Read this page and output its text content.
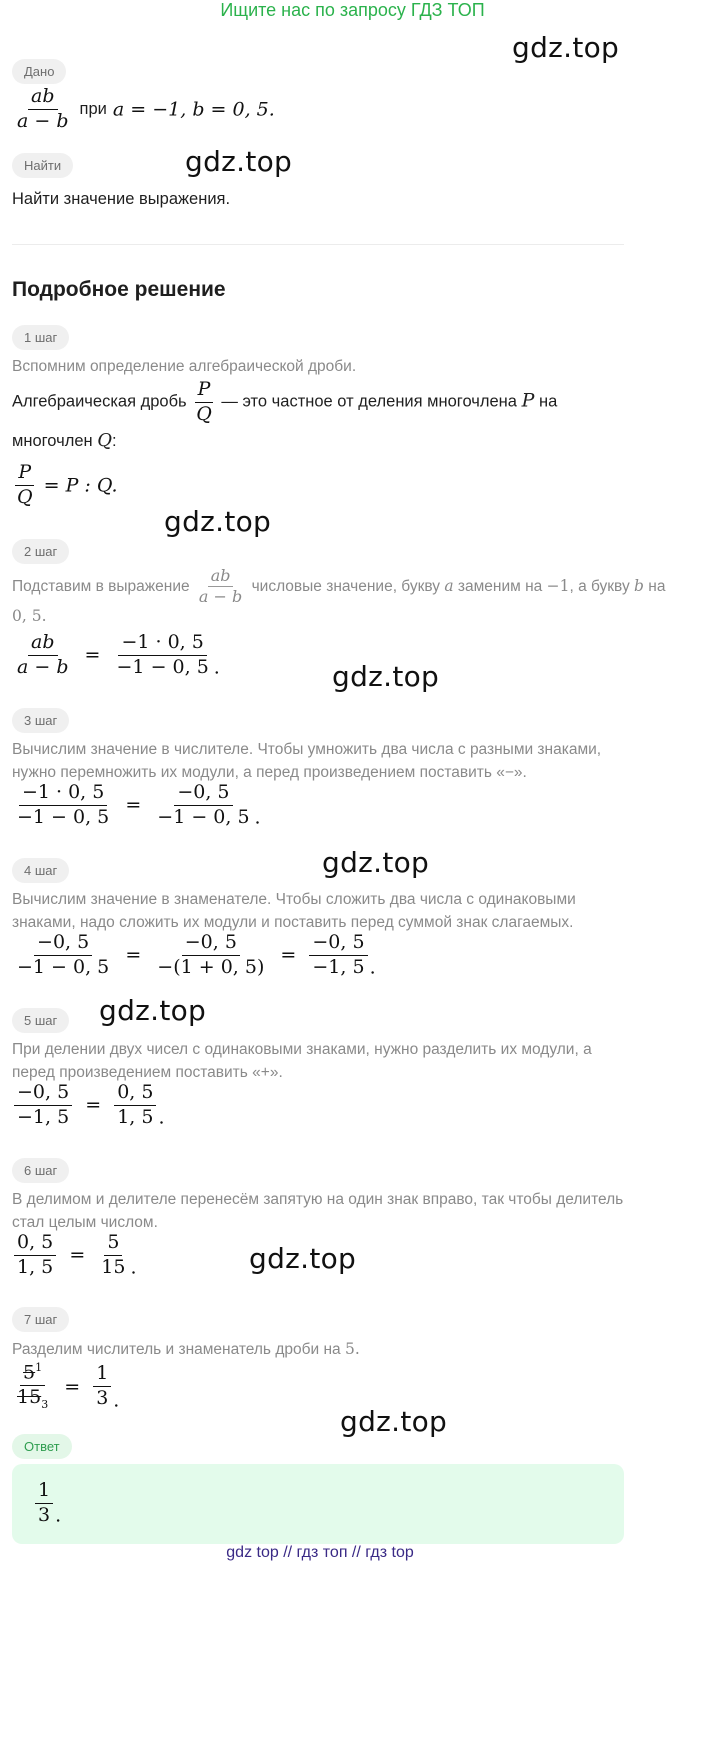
Ищите нас по запросу ГДЗ ТОП
gdz.top
gdz.top
gdz.top
gdz.top
gdz.top
gdz.top
gdz.top
gdz.top
Дано
$\frac{ab}{a - b}$ при a = −1, b = 0, 5.
Найти
Найти значение выражения.
Подробное решение
1 шаг
Вспомним определение алгебраической дроби.
Алгебраическая дробь $\frac{P}{Q}$ — это частное от деления многочлена P на
многочлен Q:
$\frac{P}{Q} = P$ : Q.
2 шаг
Подставим в выражение $\frac{ab}{a - b}$ числовые значение, букву a заменим на −1, а букву b на
0, 5.
$\frac{ab}{a - b} = \frac{-1 \cdot 0, 5}{-1 - 0, 5}$ .
3 шаг
Вычислим значение в числителе. Чтобы умножить два числа с разными знаками, нужно перемножить их модули, а перед произведением поставить «−».
$\frac{-1 \cdot 0, 5}{-1 - 0, 5} = \frac{-0, 5}{-1 - 0, 5}$ .
4 шаг
Вычислим значение в знаменателе. Чтобы сложить два числа с одинаковыми знаками, надо сложить их модули и поставить перед суммой знак слагаемых.
$\frac{-0, 5}{-1 - 0, 5} = \frac{-0, 5}{-(1 + 0, 5)} = \frac{-0, 5}{-1, 5}$ .
5 шаг
При делении двух чисел с одинаковыми знаками, нужно разделить их модули, а перед произведением поставить «+».
$\frac{-0, 5}{-1, 5} = \frac{0, 5}{1, 5}$ .
6 шаг
В делимом и делителе перенесём запятую на один знак вправо, так чтобы делитель стал целым числом.
$\frac{0, 5}{1, 5} = \frac{5}{15}$ .
7 шаг
Разделим числитель и знаменатель дроби на 5.
$\frac{5^1}{15_3} = \frac{1}{3}$ .
Ответ
$\frac{1}{3}$ .
gdz top // гдз топ // гдз top
